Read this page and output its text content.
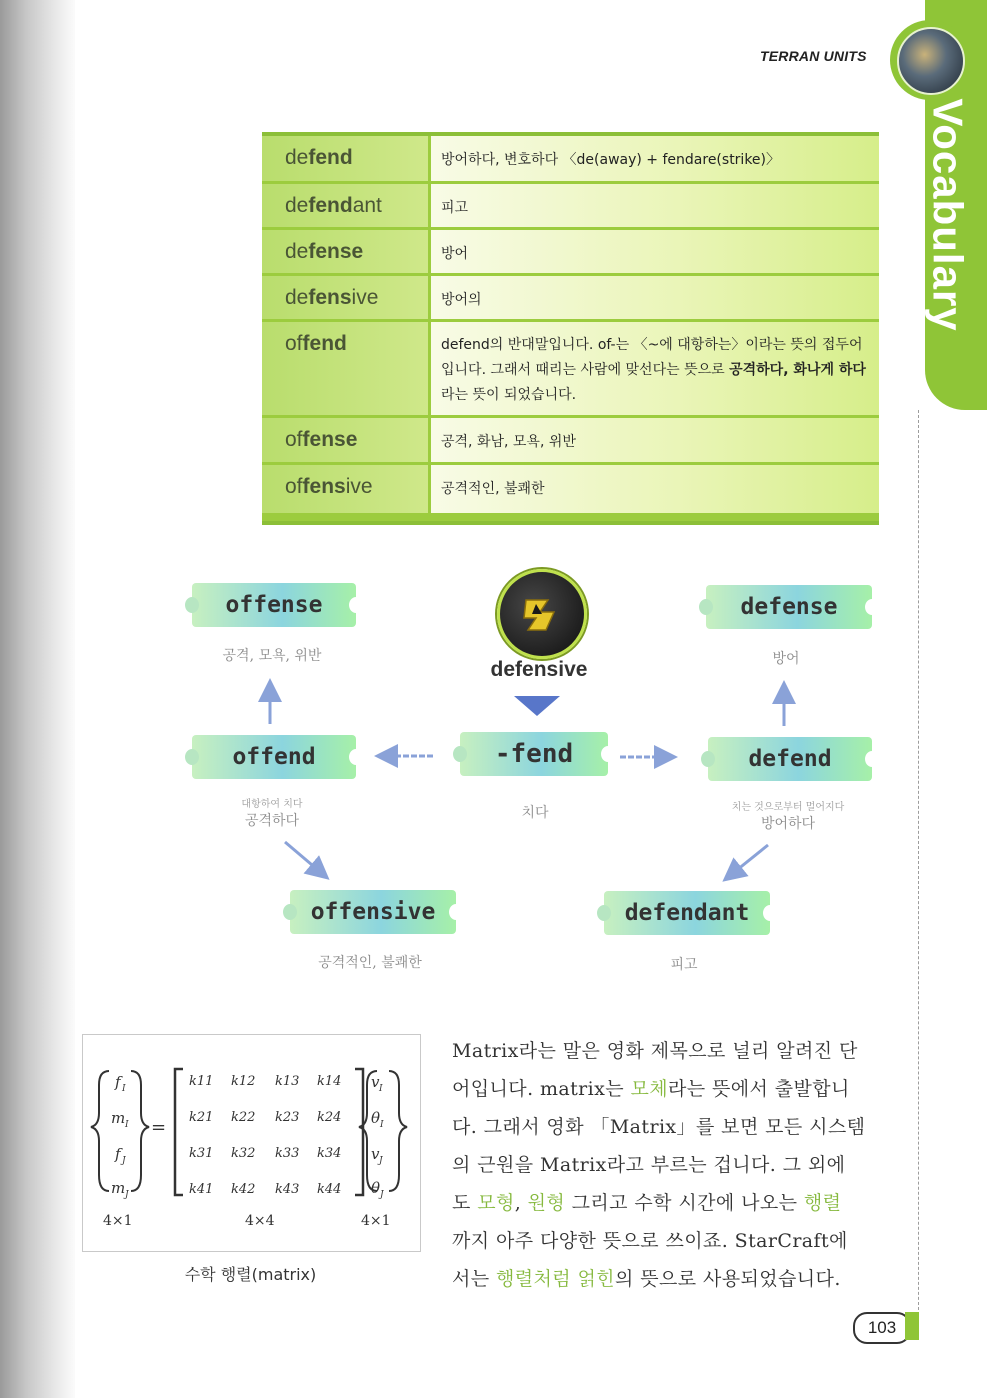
TERRAN UNITS
Vocabulary
de fend	방어하다, 변호하다 〈de(away) + fendare(strike)〉
de fend ant	피고
de fense	방어
de fens ive	방어의
of fend	defend의 반대말입니다. of-는 〈~에 대항하는〉이라는 뜻의 접두어입니다. 그래서 때리는 사람에 맞선다는 뜻으로 공격하다, 화나게 하다라는 뜻이 되었습니다.
of fense	공격, 화남, 모욕, 위반
of fens ive	공격적인, 불쾌한
offense
공격, 모욕, 위반
defense
방어
defensive
offend
대항하여 치다
공격하다
-fend
치다
defend
치는 것으로부터 멀어지다
방어하다
offensive
공격적인, 불쾌한
defendant
피고
f I
m I
f J
m J
=
k11 k12 k13 k14
k21 k22 k23 k24
k31 k32 k33 k34
k41 k42 k43 k44
v I
θ I
v J
θ J
4×1	4×4	4×1
수학 행렬(matrix)

Matrix라는 말은 영화 제목으로 널리 알려진 단

어입니다. matrix는 모체라는 뜻에서 출발합니

다. 그래서 영화 「Matrix」를 보면 모든 시스템

의 근원을 Matrix라고 부르는 겁니다. 그 외에

도 모형, 원형 그리고 수학 시간에 나오는 행렬

까지 아주 다양한 뜻으로 쓰이죠. StarCraft에

서는 행렬처럼 얽힌의 뜻으로 사용되었습니다.

103
